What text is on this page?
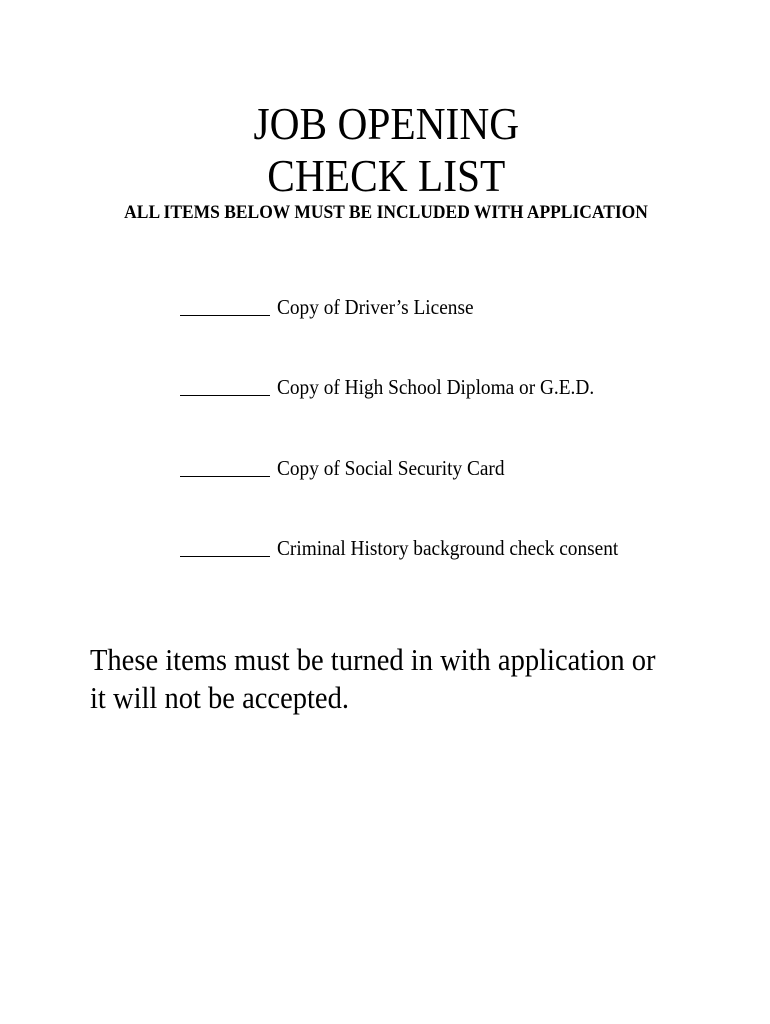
JOB OPENING
CHECK LIST

ALL ITEMS BELOW MUST BE INCLUDED WITH APPLICATION

Copy of Driver’s License
Copy of High School Diploma or G.E.D.
Copy of Social Security Card
Criminal History background check consent

These items must be turned in with application or
it will not be accepted.
